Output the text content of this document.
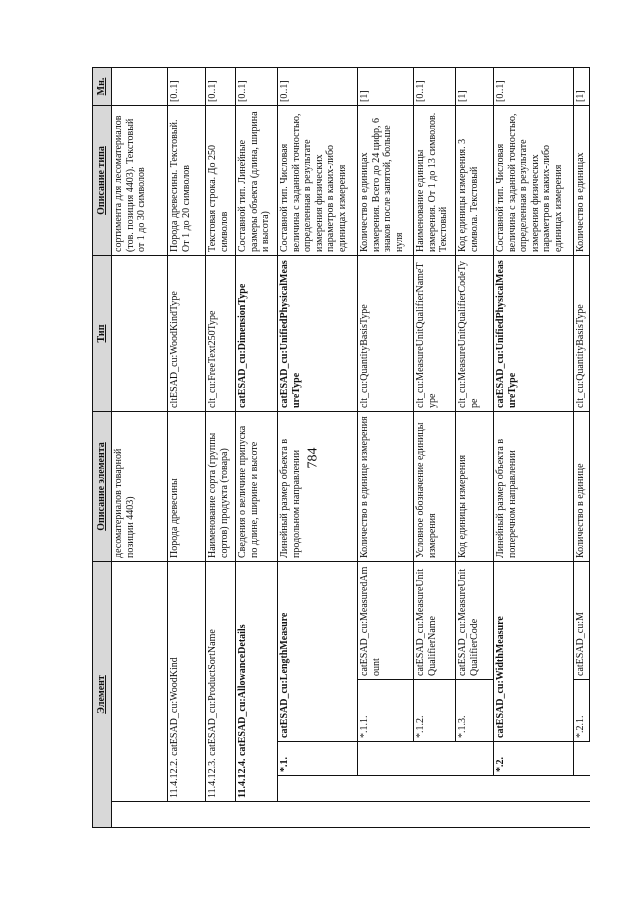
784
Элемент					Описание элемента	Тип	Описание типа	Мн.
					десоматериалов товарной позиции 4403)		сортимента для лесоматериалов (тов. позиция 4403). Текстовый от 1 до 30 символов	
	11.4.12.2. catESAD_cu:WoodKind				Порода древесины	cltESAD_cu:WoodKindType	Порода древесины. Текстовый. От 1 до 20 символов	[0..1]
	11.4.12.3. catESAD_cu:ProductSortName				Наименование сорта (группы сортов) продукта (товара)	clt_cu:FreeText250Type	Текстовая строка. До 250 символов	[0..1]
	11.4.12.4. catESAD_cu:AllowanceDetails				Сведения о величине припуска по длине, ширине и высоте	catESAD_cu:DimensionType	Составной тип. Линейные размеры объекта (длина, ширина и высота)	[0..1]
		*.1.	catESAD_cu:LengthMeasure		Линейный размер объекта в продольном направлении	catESAD_cu:UnifiedPhysicalMeasureType	Составной тип. Числовая величина с заданной точностью, определенная в результате измерения физических параметров в каких-либо единицах измерения	[0..1]
			*.1.1.	catESAD_cu:MeasuredAmount	Количество в единице измерения	clt_cu:QuantityBasisType	Количество в единицах измерения. Всего до 24 цифр, 6 знаков после запятой, больше нуля	[1]
			*.1.2.	catESAD_cu:MeasureUnitQualifierName	Условное обозначение единицы измерения	clt_cu:MeasureUnitQualifierNameType	Наименование единицы измерения. От 1 до 13 символов. Текстовый	[0..1]
			*.1.3.	catESAD_cu:MeasureUnitQualifierCode	Код единицы измерения	clt_cu:MeasureUnitQualifierCodeType	Код единицы измерения. 3 символа. Текстовый	[1]
		*.2.	catESAD_cu:WidthMeasure		Линейный размер объекта в поперечном направлении	catESAD_cu:UnifiedPhysicalMeasureType	Составной тип. Числовая величина с заданной точностью, определенная в результате измерения физических параметров в каких-либо единицах измерения	[0..1]
			*.2.1.	catESAD_cu:M	Количество в единице	clt_cu:QuantityBasisType	Количество в единицах	[1]
